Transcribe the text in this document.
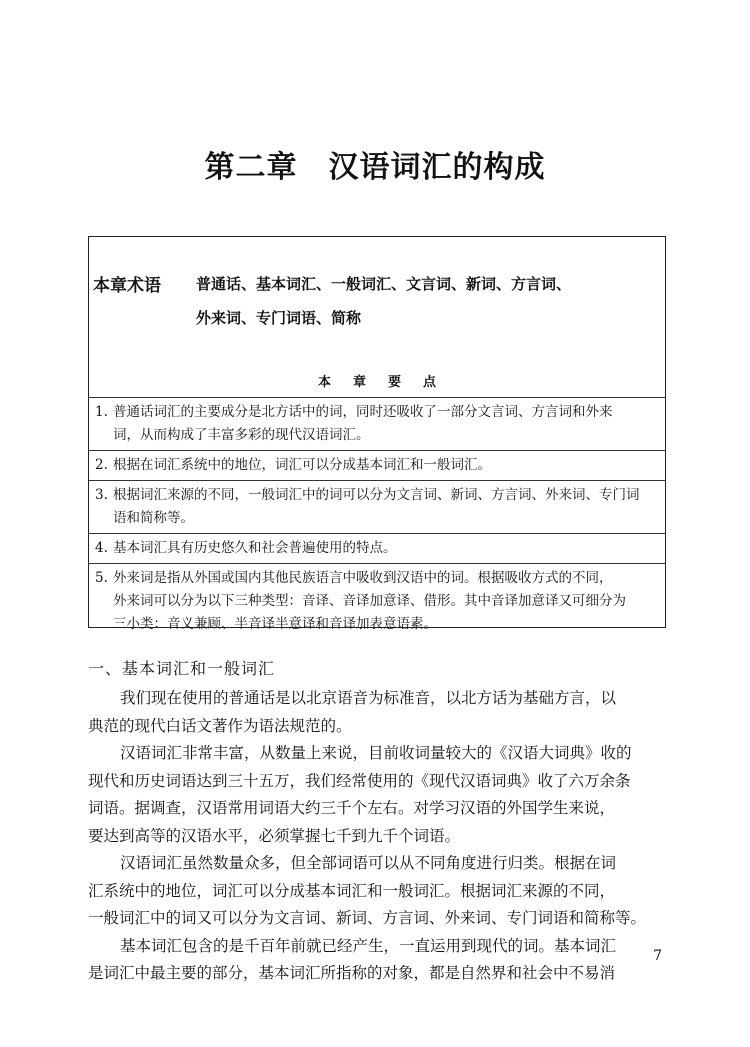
第二章　汉语词汇的构成
本章术语 普通话、基本词汇、一般词汇、文言词、新词、方言词、
外来词、专门词语、简称
本章要点
1. 普通话词汇的主要成分是北方话中的词，同时还吸收了一部分文言词、方言词和外来
词，从而构成了丰富多彩的现代汉语词汇。
2. 根据在词汇系统中的地位，词汇可以分成基本词汇和一般词汇。
3. 根据词汇来源的不同，一般词汇中的词可以分为文言词、新词、方言词、外来词、专门词
语和简称等。
4. 基本词汇具有历史悠久和社会普遍使用的特点。
5. 外来词是指从外国或国内其他民族语言中吸收到汉语中的词。根据吸收方式的不同，
外来词可以分为以下三种类型：音译、音译加意译、借形。其中音译加意译又可细分为
三小类：音义兼顾、半音译半意译和音译加表意语素。
一、基本词汇和一般词汇
我们现在使用的普通话是以北京语音为标准音，以北方话为基础方言，以
典范的现代白话文著作为语法规范的。
汉语词汇非常丰富，从数量上来说，目前收词量较大的《汉语大词典》收的
现代和历史词语达到三十五万，我们经常使用的《现代汉语词典》收了六万余条
词语。据调查，汉语常用词语大约三千个左右。对学习汉语的外国学生来说，
要达到高等的汉语水平，必须掌握七千到九千个词语。
汉语词汇虽然数量众多，但全部词语可以从不同角度进行归类。根据在词
汇系统中的地位，词汇可以分成基本词汇和一般词汇。根据词汇来源的不同，
一般词汇中的词又可以分为文言词、新词、方言词、外来词、专门词语和简称等。
基本词汇包含的是千百年前就已经产生，一直运用到现代的词。基本词汇
是词汇中最主要的部分，基本词汇所指称的对象，都是自然界和社会中不易消
7
